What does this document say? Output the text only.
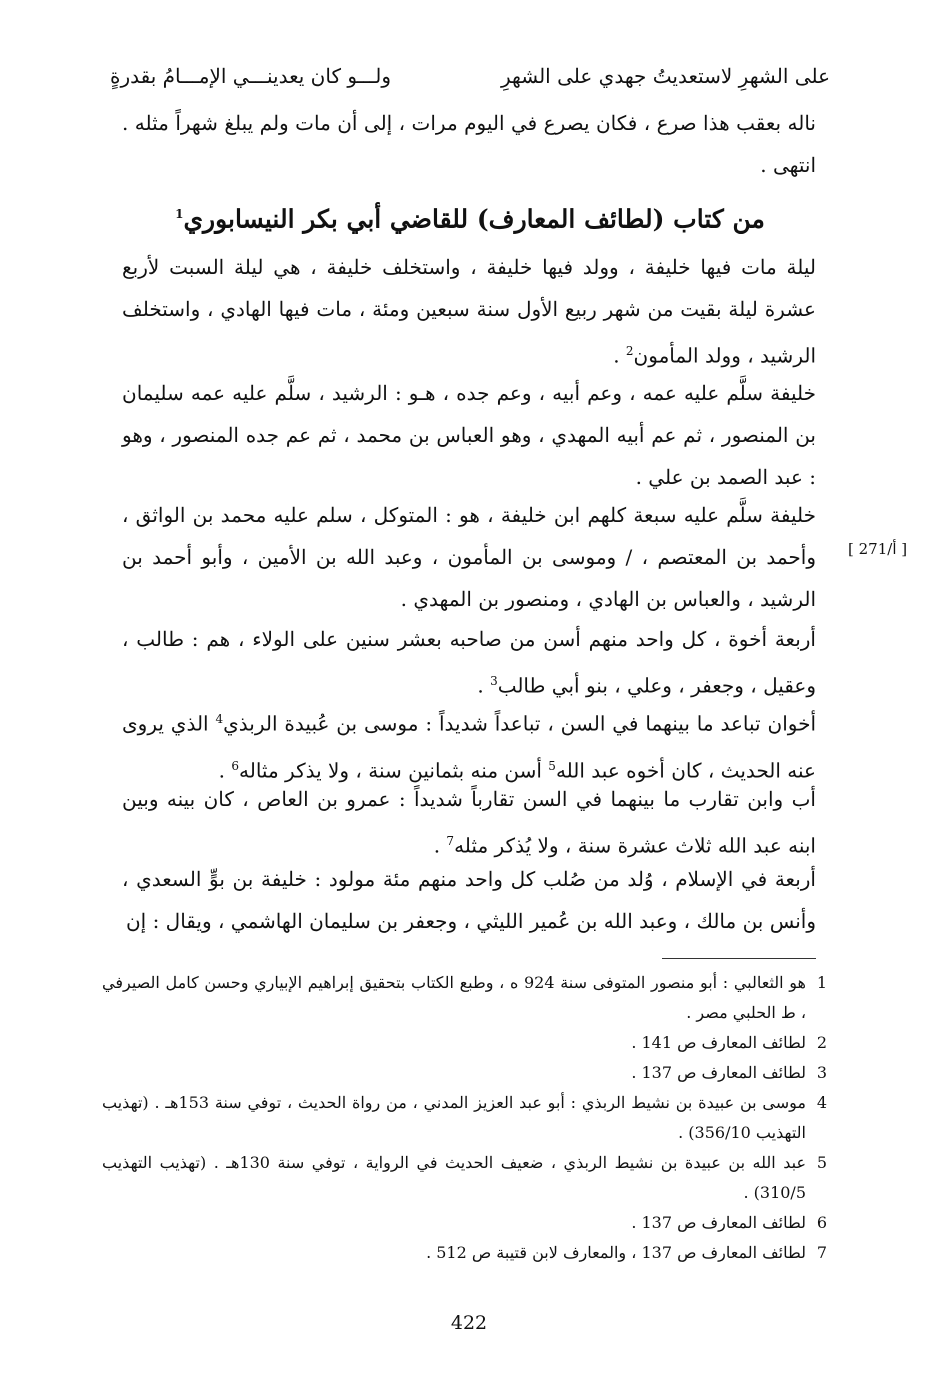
ولـــو كان يعدينـــي الإمـــامُ بقدرةٍ	على الشهرِ لاستعديتُ جهدي على الشهرِ
ناله بعقب هذا صرع ، فكان يصرع في اليوم مرات ، إلى أن مات ولم يبلغ شهراً مثله . انتهى .
من كتاب (لطائف المعارف) للقاضي أبي بكر النيسابوري$^1$
ليلة مات فيها خليفة ، وولد فيها خليفة ، واستخلف خليفة ، هي ليلة السبت لأربع عشرة ليلة بقيت من شهر ربيع الأول سنة سبعين ومئة ، مات فيها الهادي ، واستخلف الرشيد ، وولد المأمون$^2$ .
خليفة سلَّم عليه عمه ، وعم أبيه ، وعم جده ، هـو : الرشيد ، سلَّم عليه عمه سليمان بن المنصور ، ثم عم أبيه المهدي ، وهو العباس بن محمد ، ثم عم جده المنصور ، وهو : عبد الصمد بن علي .
خليفة سلَّم عليه سبعة كلهم ابن خليفة ، هو : المتوكل ، سلم عليه محمد بن الواثق ، وأحمد بن المعتصم ، / وموسى بن المأمون ، وعبد الله بن الأمين ، وأبو أحمد بن الرشيد ، والعباس بن الهادي ، ومنصور بن المهدي .
[ 271/أ ]
أربعة أخوة ، كل واحد منهم أسن من صاحبه بعشر سنين على الولاء ، هم : طالب ، وعقيل ، وجعفر ، وعلي ، بنو أبي طالب$^3$ .
أخوان تباعد ما بينهما في السن ، تباعداً شديداً : موسى بن عُبيدة الربذي$^4$ الذي يروى عنه الحديث ، كان أخوه عبد الله$^5$ أسن منه بثمانين سنة ، ولا يذكر مثاله$^6$ .
أب وابن تقارب ما بينهما في السن تقارباً شديداً : عمرو بن العاص ، كان بينه وبين ابنه عبد الله ثلاث عشرة سنة ، ولا يُذكر مثله$^7$ .
أربعة في الإسلام ، وُلد من صُلب كل واحد منهم مئة مولود : خليفة بن بوٍّ السعدي ، وأنس بن مالك ، وعبد الله بن عُمير الليثي ، وجعفر بن سليمان الهاشمي ، ويقال : إن
1
هو الثعالبي : أبو منصور المتوفى سنة 924 ه ، وطبع الكتاب بتحقيق إبراهيم الإبياري وحسن كامل الصيرفي ، ط الحلبي مصر .
2
لطائف المعارف ص 141 .
3
لطائف المعارف ص 137 .
4
موسى بن عبيدة بن نشيط الربذي : أبو عبد العزيز المدني ، من رواة الحديث ، توفي سنة 153هـ . (تهذيب التهذيب 356/10) .
5
عبد الله بن عبيدة بن نشيط الربذي ، ضعيف الحديث في الرواية ، توفي سنة 130هـ . (تهذيب التهذيب 310/5) .
6
لطائف المعارف ص 137 .
7
لطائف المعارف ص 137 ، والمعارف لابن قتيبة ص 512 .
422
